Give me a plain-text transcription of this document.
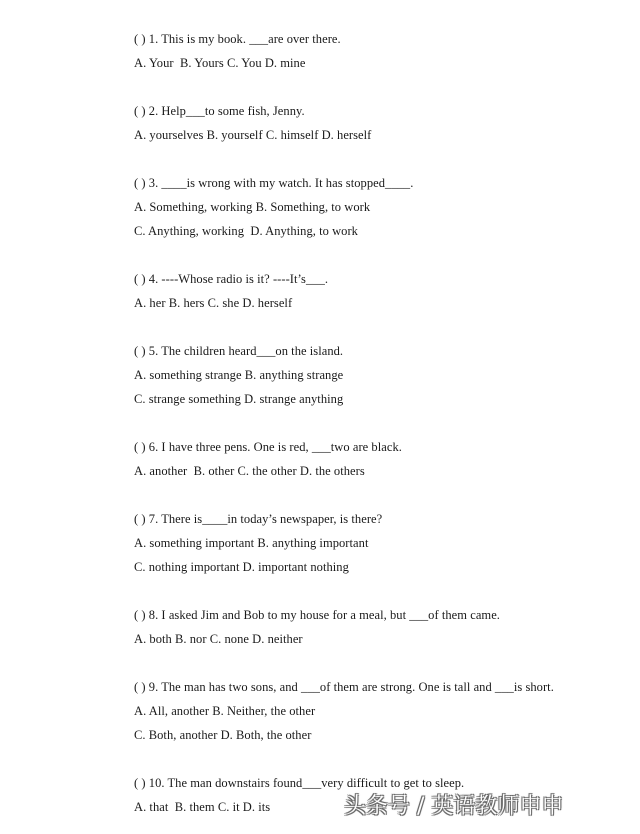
( ) 1. This is my book. ___are over there.
A. Your  B. Yours C. You D. mine
( ) 2. Help___to some fish, Jenny.
A. yourselves B. yourself C. himself D. herself
( ) 3. ____is wrong with my watch. It has stopped____.
A. Something, working B. Something, to work
C. Anything, working  D. Anything, to work
( ) 4. ----Whose radio is it? ----It’s___.
A. her B. hers C. she D. herself
( ) 5. The children heard___on the island.
A. something strange B. anything strange
C. strange something D. strange anything
( ) 6. I have three pens. One is red, ___two are black.
A. another  B. other C. the other D. the others
( ) 7. There is____in today’s newspaper, is there?
A. something important B. anything important
C. nothing important D. important nothing
( ) 8. I asked Jim and Bob to my house for a meal, but ___of them came.
A. both B. nor C. none D. neither
( ) 9. The man has two sons, and ___of them are strong. One is tall and ___is short.
A. All, another B. Neither, the other
C. Both, another D. Both, the other
( ) 10. The man downstairs found___very difficult to get to sleep.
A. that  B. them C. it D. its	头条号 / 英语教师申申
